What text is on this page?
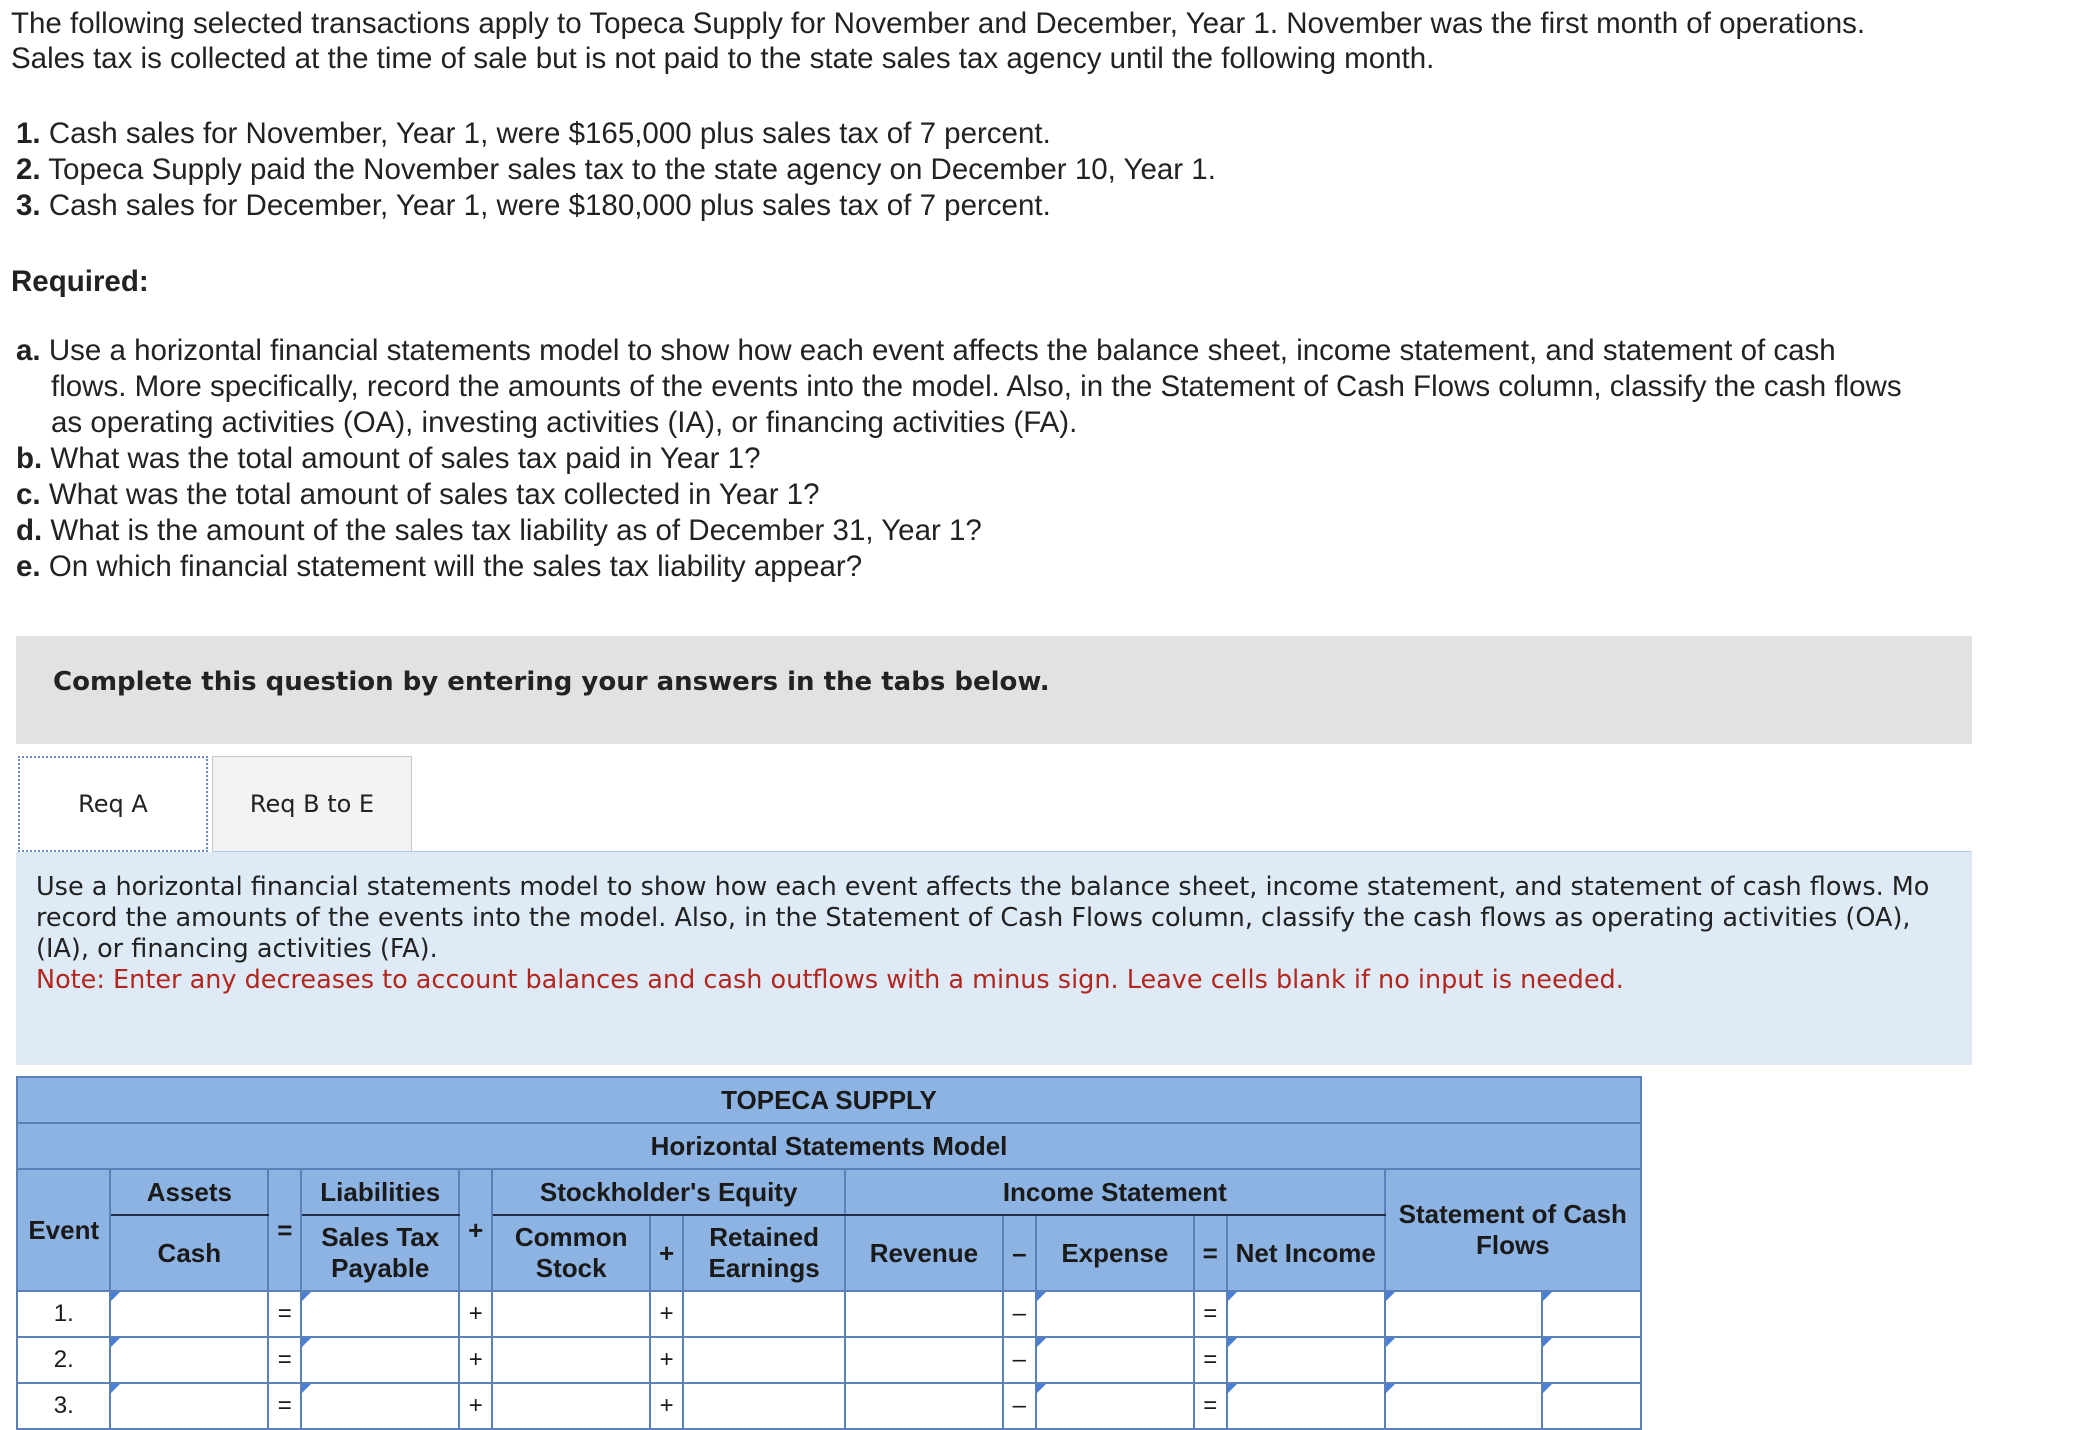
The following selected transactions apply to Topeca Supply for November and December, Year 1. November was the first month of operations. Sales tax is collected at the time of sale but is not paid to the state sales tax agency until the following month.

1. Cash sales for November, Year 1, were $165,000 plus sales tax of 7 percent.
2. Topeca Supply paid the November sales tax to the state agency on December 10, Year 1.
3. Cash sales for December, Year 1, were $180,000 plus sales tax of 7 percent.
Required:
a. Use a horizontal financial statements model to show how each event affects the balance sheet, income statement, and statement of cash flows. More specifically, record the amounts of the events into the model. Also, in the Statement of Cash Flows column, classify the cash flows as operating activities (OA), investing activities (IA), or financing activities (FA).
b. What was the total amount of sales tax paid in Year 1?
c. What was the total amount of sales tax collected in Year 1?
d. What is the amount of the sales tax liability as of December 31, Year 1?
e. On which financial statement will the sales tax liability appear?
Complete this question by entering your answers in the tabs below.
Req A	Req B to E
Use a horizontal financial statements model to show how each event affects the balance sheet, income statement, and statement of cash flows. Mo
record the amounts of the events into the model. Also, in the Statement of Cash Flows column, classify the cash flows as operating activities (OA),
(IA), or financing activities (FA).
Note: Enter any decreases to account balances and cash outflows with a minus sign. Leave cells blank if no input is needed.
TOPECA SUPPLY														
Horizontal Statements Model														
Event	Assets	=	Liabilities	+	Stockholder's Equity			Income Statement					Statement of Cash Flows	
	Cash		Sales Tax Payable		Common Stock	+	Retained Earnings	Revenue	–	Expense	=	Net Income		
1.		=		+		+			–		=			
2.		=		+		+			–		=			
3.		=		+		+			–		=			
